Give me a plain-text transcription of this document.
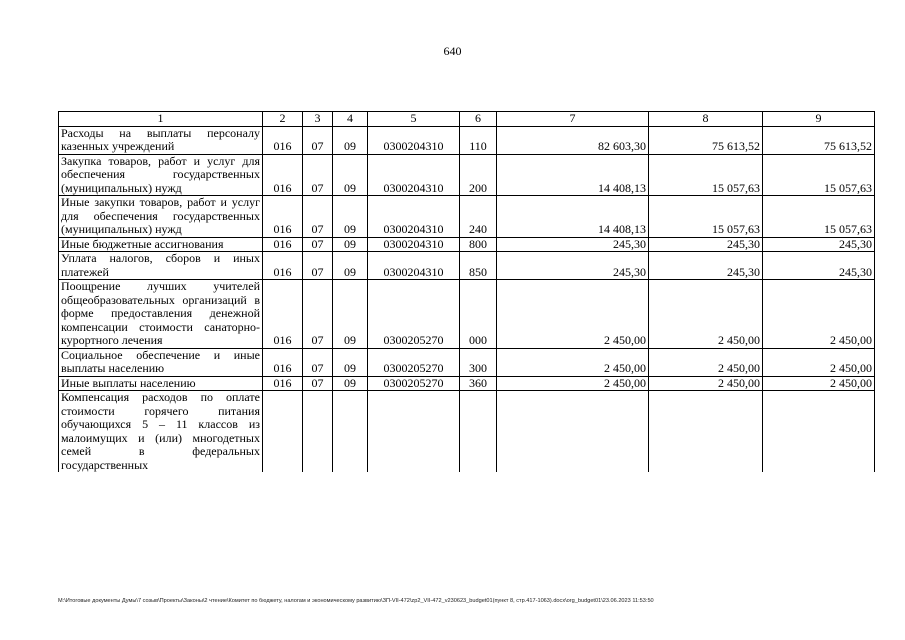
640
1	2	3	4	5	6	7	8	9
Расходы на выплаты персоналу казенных учреждений	016	07	09	0300204310	110	82 603,30	75 613,52	75 613,52
Закупка товаров, работ и услуг для обеспечения государственных (муниципальных) нужд	016	07	09	0300204310	200	14 408,13	15 057,63	15 057,63
Иные закупки товаров, работ и услуг для обеспечения государственных (муниципальных) нужд	016	07	09	0300204310	240	14 408,13	15 057,63	15 057,63
Иные бюджетные ассигнования	016	07	09	0300204310	800	245,30	245,30	245,30
Уплата налогов, сборов и иных платежей	016	07	09	0300204310	850	245,30	245,30	245,30
Поощрение лучших учителей общеобразовательных организаций в форме предоставления денежной компенсации стоимости санаторно-курортного лечения	016	07	09	0300205270	000	2 450,00	2 450,00	2 450,00
Социальное обеспечение и иные выплаты населению	016	07	09	0300205270	300	2 450,00	2 450,00	2 450,00
Иные выплаты населению	016	07	09	0300205270	360	2 450,00	2 450,00	2 450,00
Компенсация расходов по оплате стоимости горячего питания обучающихся 5 – 11 классов из малоимущих и (или) многодетных семей в федеральных государственных								
М:\Итоговые документы Думы\7 созыв\Проекты\Законы\2 чтение\Комитет по бюджету, налогам и экономическому развитию\ЗП-VII-472\zp2_VII-472_v230623_budget01(пункт 8, стр.417-1063).docx\org_budget01\23.06.2023 11:53:50
